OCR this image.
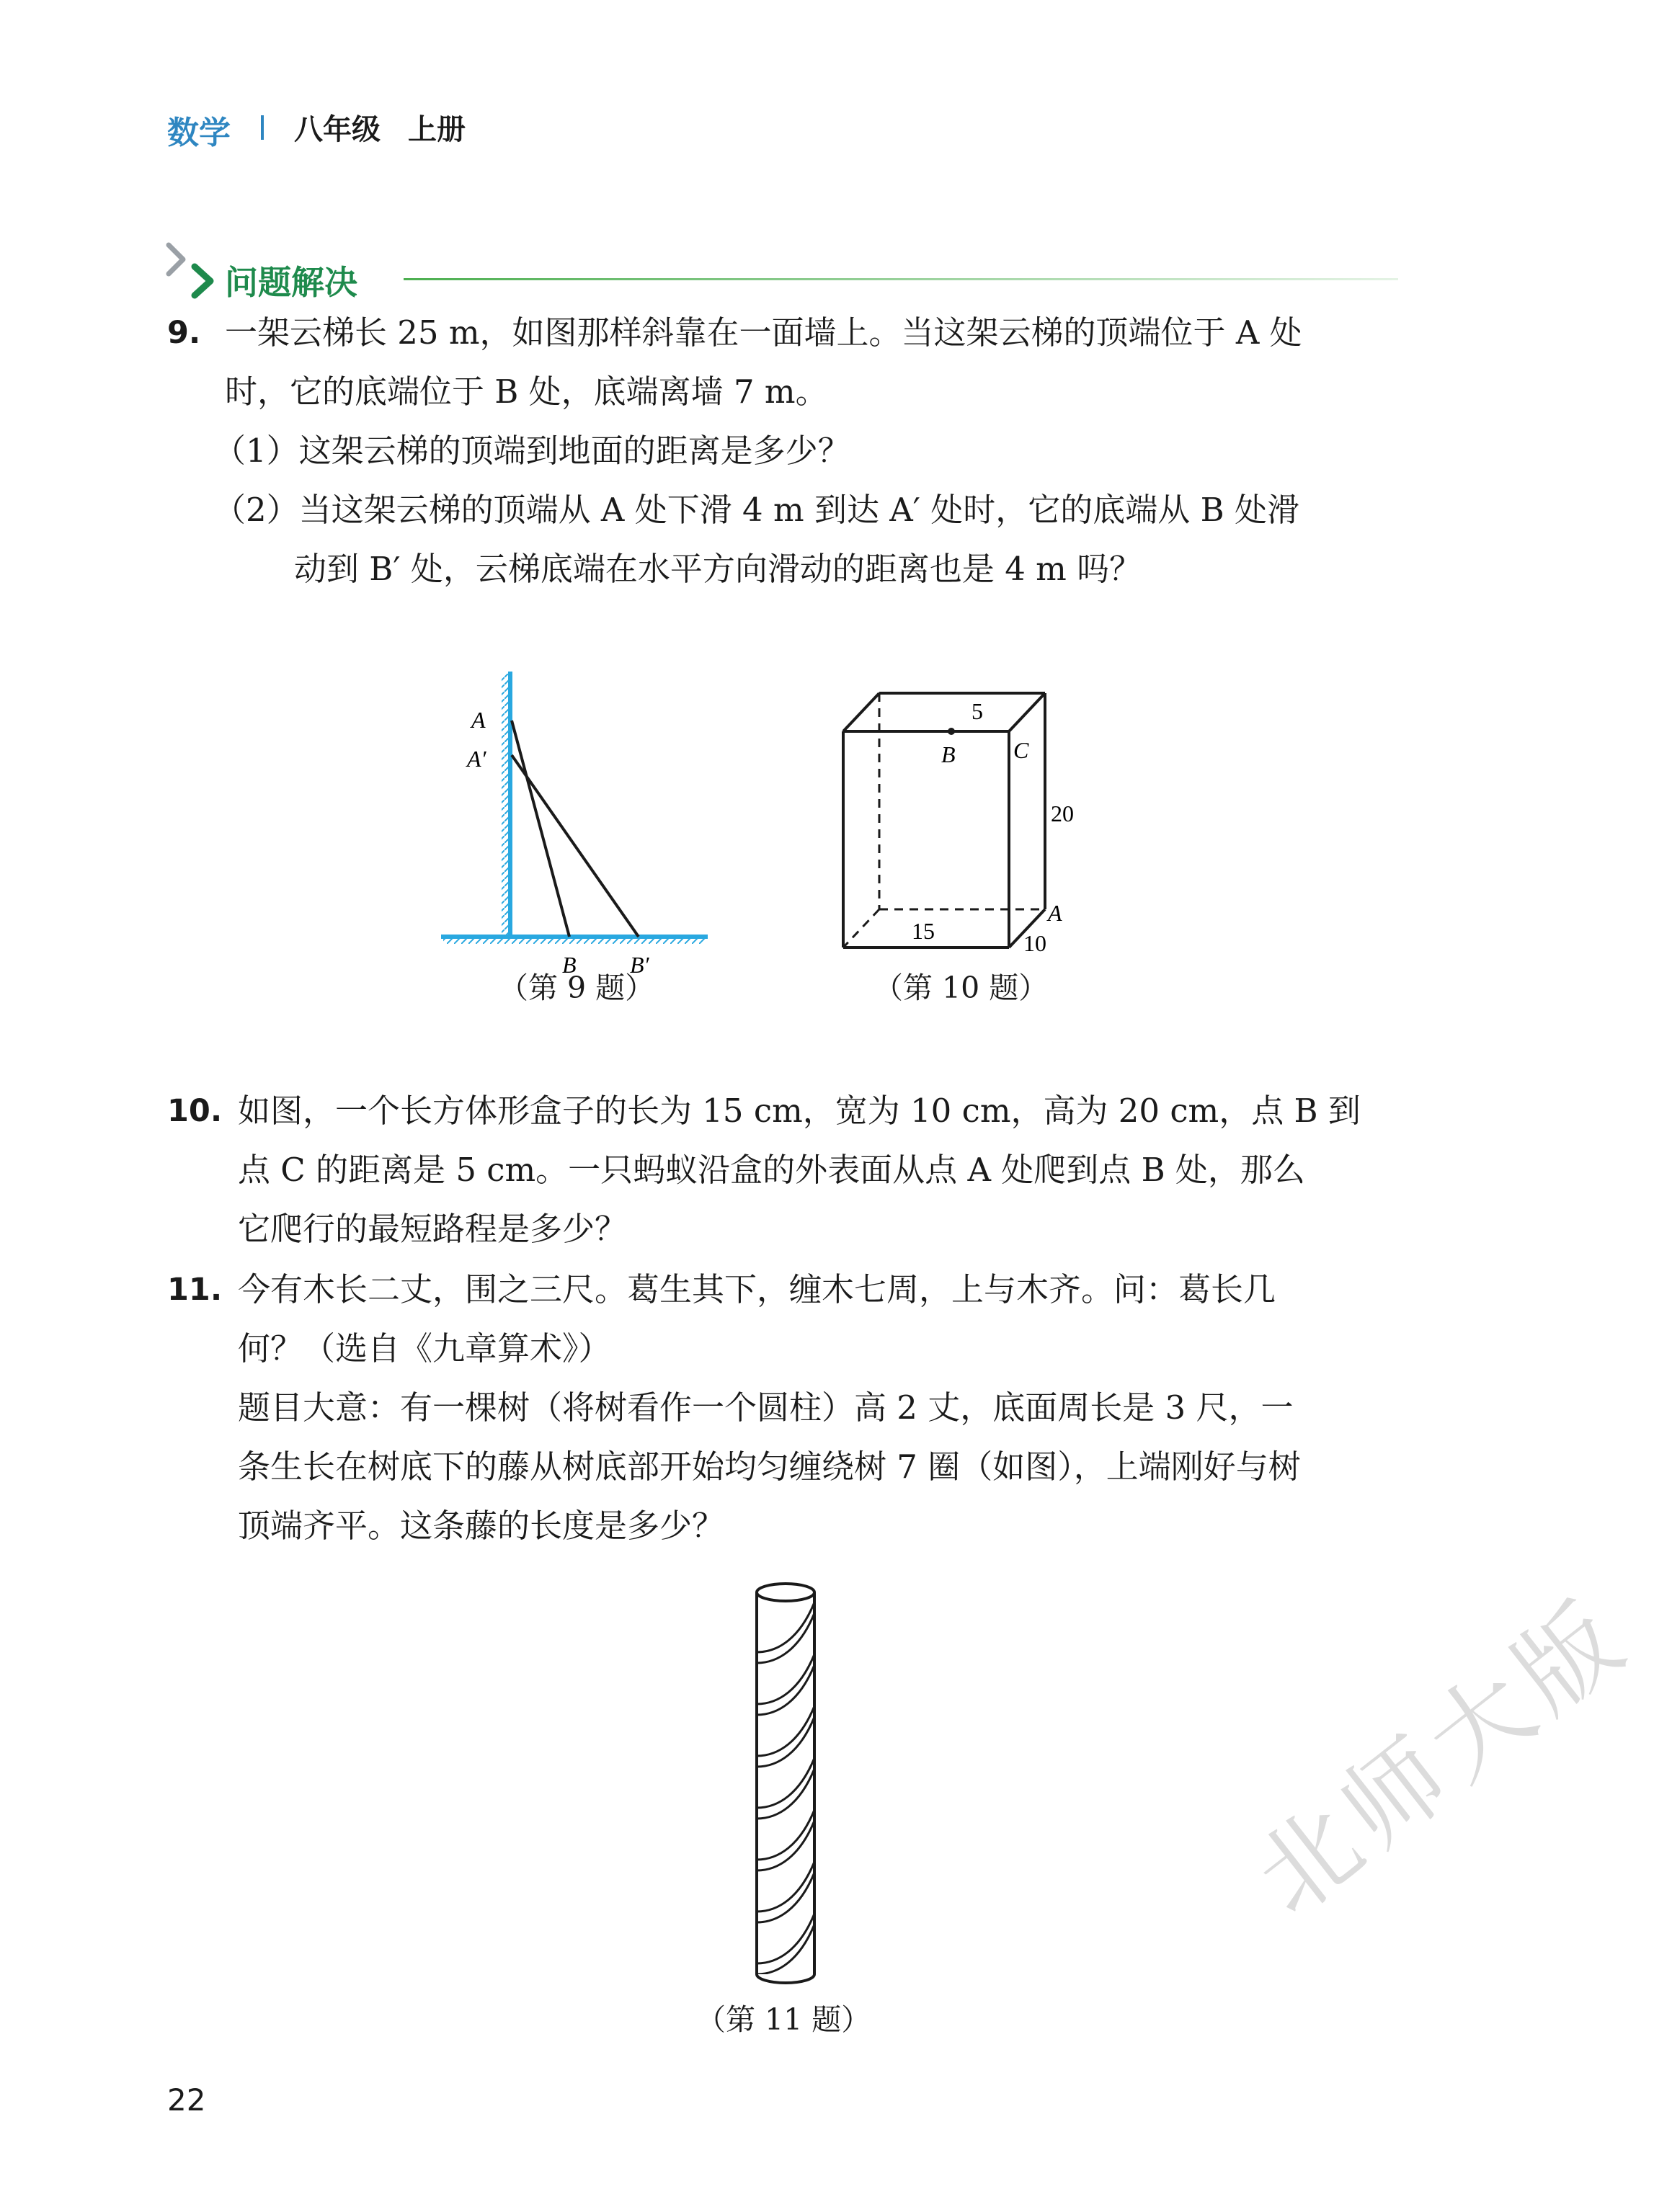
数学 八年级 上册
问题解决
9. 一架云梯长 25 m，如图那样斜靠在一面墙上。当这架云梯的顶端位于 A 处
时，它的底端位于 B 处，底端离墙 7 m。
（1）这架云梯的顶端到地面的距离是多少？
（2）当这架云梯的顶端从 A 处下滑 4 m 到达 A′ 处时，它的底端从 B 处滑
动到 B′ 处，云梯底端在水平方向滑动的距离也是 4 m 吗？
A
A′
B B′
（第 9 题）
5
B	C
20
A
15	10
（第 10 题）
10. 如图，一个长方体形盒子的长为 15 cm，宽为 10 cm，高为 20 cm，点 B 到
点 C 的距离是 5 cm。一只蚂蚁沿盒的外表面从点 A 处爬到点 B 处，那么
它爬行的最短路程是多少？
11. 今有木长二丈，围之三尺。葛生其下，缠木七周，上与木齐。问：葛长几
何？（选自《九章算术》）
题目大意：有一棵树（将树看作一个圆柱）高 2 丈，底面周长是 3 尺，一
条生长在树底下的藤从树底部开始均匀缠绕树 7 圈（如图），上端刚好与树
顶端齐平。这条藤的长度是多少？
（第 11 题）
22
北师大版
